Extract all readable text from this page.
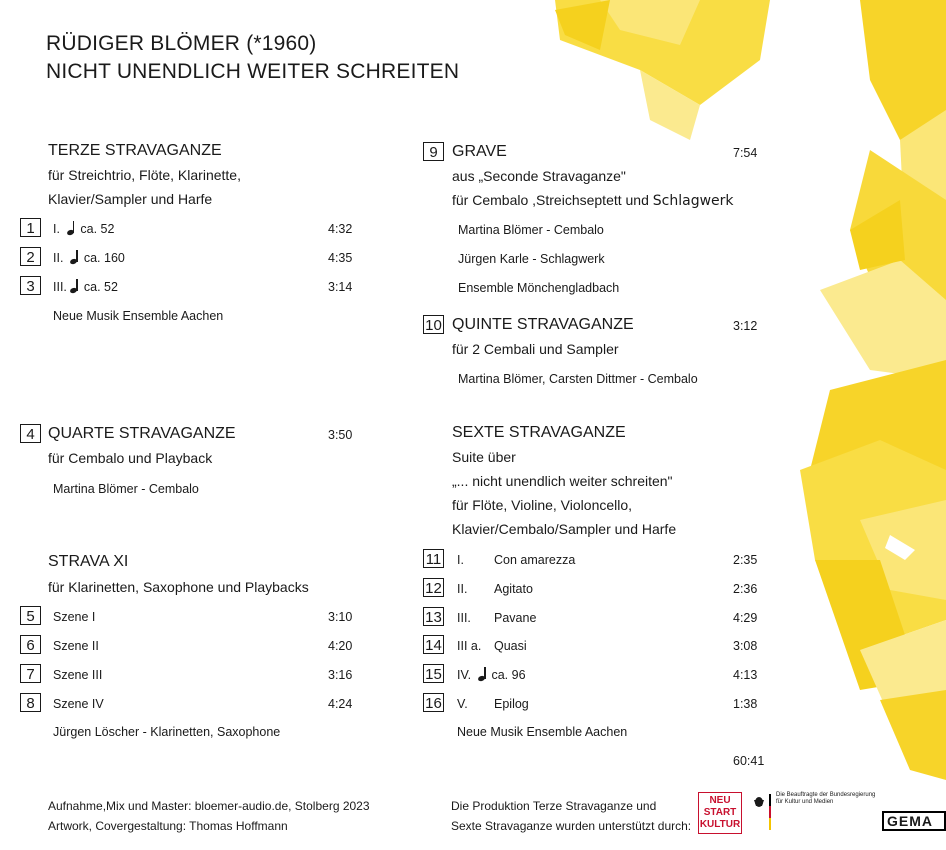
RÜDIGER BLÖMER (*1960)
NICHT UNENDLICH WEITER SCHREITEN
TERZE STRAVAGANZE
für Streichtrio, Flöte, Klarinette,
Klavier/Sampler und Harfe
1	I. ca. 52	4:32
2	II. ca. 160	4:35
3	III. ca. 52	3:14
Neue Musik Ensemble Aachen
4 QUARTE STRAVAGANZE	3:50
für Cembalo und Playback
Martina Blömer - Cembalo
STRAVA XI
für Klarinetten, Saxophone und Playbacks
5	Szene I	3:10
6	Szene II	4:20
7	Szene III	3:16
8	Szene IV	4:24
Jürgen Löscher - Klarinetten, Saxophone
9 GRAVE	7:54
aus „Seconde Stravaganze"
für Cembalo ,Streichseptett und Schlagwerk
Martina Blömer - Cembalo
Jürgen Karle - Schlagwerk
Ensemble Mönchengladbach
10 QUINTE STRAVAGANZE	3:12
für 2 Cembali und Sampler
Martina Blömer, Carsten Dittmer - Cembalo
SEXTE STRAVAGANZE
Suite über
„... nicht unendlich weiter schreiten"
für Flöte, Violine, Violoncello,
Klavier/Cembalo/Sampler und Harfe
11 I. Con amarezza	2:35
12 II. Agitato	2:36
13 III. Pavane	4:29
14 III a. Quasi	3:08
15 IV.	ca. 96	4:13
16 V. Epilog	1:38
Neue Musik Ensemble Aachen
60:41
Aufnahme,Mix und Master: bloemer-audio.de, Stolberg 2023
Artwork, Covergestaltung: Thomas Hoffmann
Die Produktion Terze Stravaganze und
Sexte Stravaganze wurden unterstützt durch:
NEU
START
KULTUR
Die Beauftragte der Bundesregierung
für Kultur und Medien
GEMA
